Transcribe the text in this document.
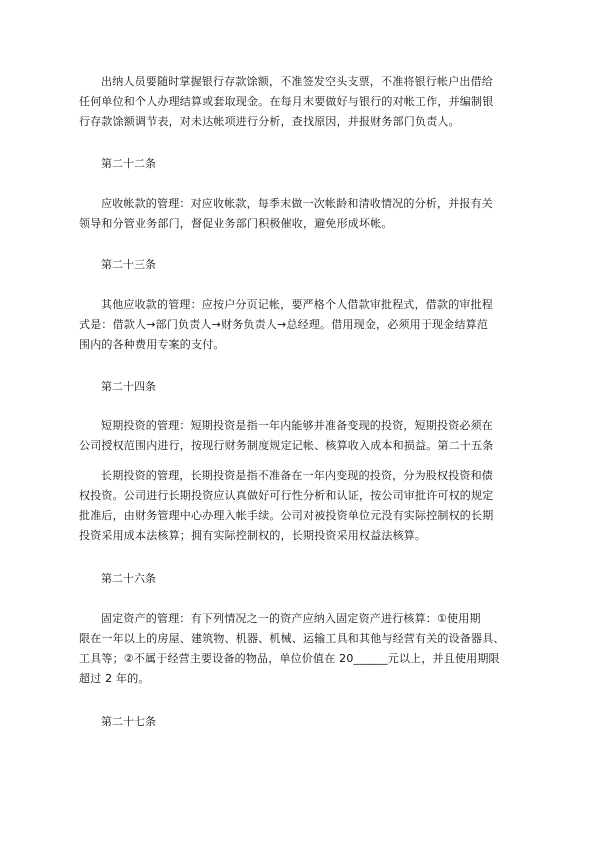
出纳人员要随时掌握银行存款馀额，不准签发空头支票，不准将银行帐户出借给
任何单位和个人办理结算或套取现金。在每月末要做好与银行的对帐工作，并编制银
行存款馀额调节表，对未达帐项进行分析，查找原因，并报财务部门负责人。
第二十二条
应收帐款的管理：对应收帐款，每季末做一次帐龄和清收情况的分析，并报有关
领导和分管业务部门，督促业务部门积极催收，避免形成坏帐。
第二十三条
其他应收款的管理：应按户分页记帐，要严格个人借款审批程式，借款的审批程
式是：借款人→部门负责人→财务负责人→总经理。借用现金，必须用于现金结算范
围内的各种费用专案的支付。
第二十四条
短期投资的管理：短期投资是指一年内能够并准备变现的投资，短期投资必须在
公司授权范围内进行，按现行财务制度规定记帐、核算收入成本和损益。第二十五条
长期投资的管理，长期投资是指不准备在一年内变现的投资，分为股权投资和债
权投资。公司进行长期投资应认真做好可行性分析和认证，按公司审批许可权的规定
批准后，由财务管理中心办理入帐手续。公司对被投资单位元没有实际控制权的长期
投资采用成本法核算；拥有实际控制权的，长期投资采用权益法核算。
第二十六条
固定资产的管理：有下列情况之一的资产应纳入固定资产进行核算：①使用期
限在一年以上的房屋、建筑物、机器、机械、运输工具和其他与经营有关的设备器具、
工具等；②不属于经营主要设备的物品，单位价值在 20______元以上，并且使用期限
超过 2 年的。
第二十七条
